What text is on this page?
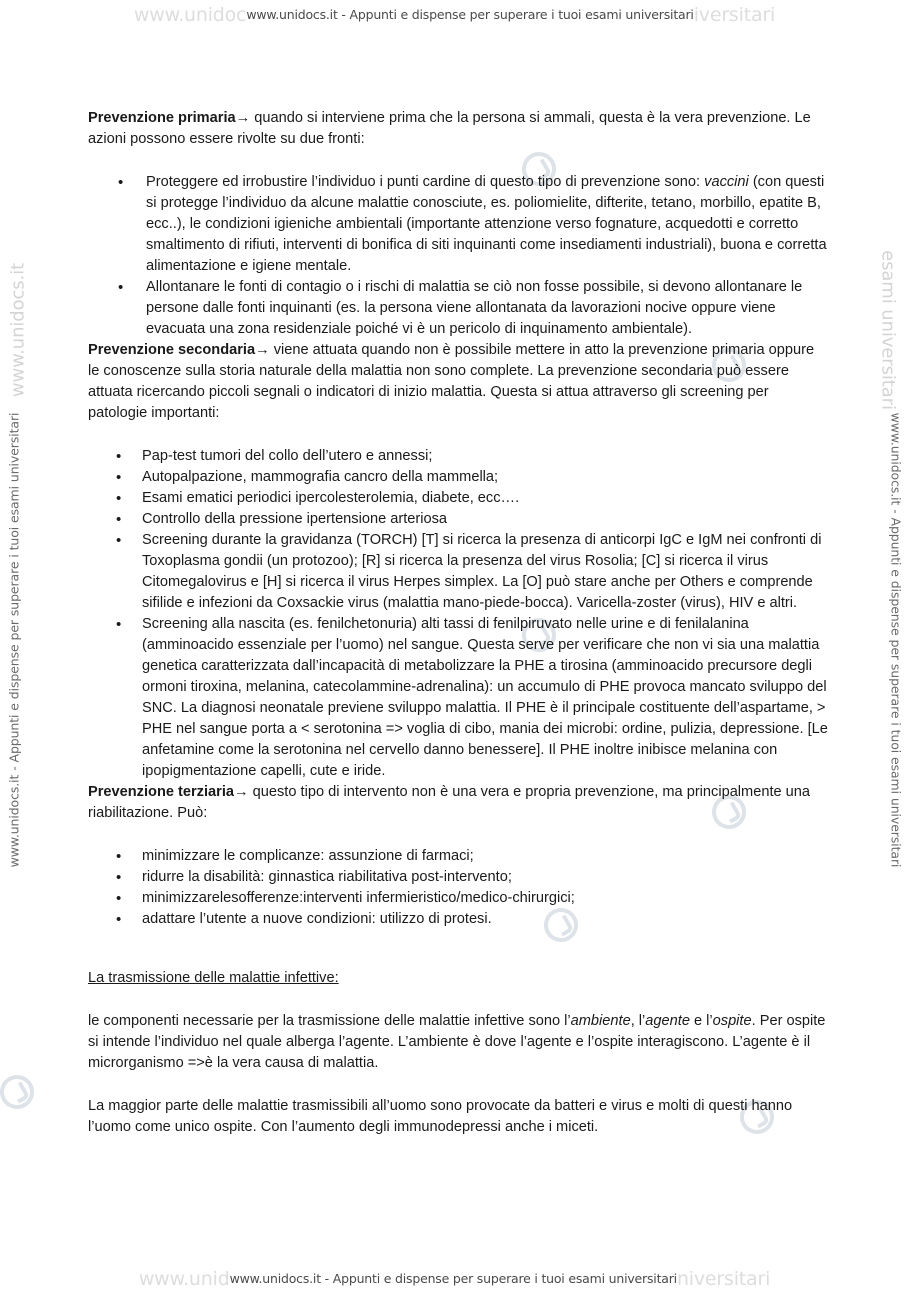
www.unidocwww.unidocs.it - Appunti e dispense per superare i tuoi esami universitariiversitari
www.unidocs.it - Appunti e dispense per superare i tuoi esami universitari	www.unidocs.it - Appunti e dispense per superare i tuoi esami universitari
www.unidocs.it	esami universitari

Prevenzione primaria→ quando si interviene prima che la persona si ammali, questa è la vera prevenzione. Le azioni possono essere rivolte su due fronti:

• Proteggere ed irrobustire l’individuo i punti cardine di questo tipo di prevenzione sono: vaccini (con questi si protegge l’individuo da alcune malattie conosciute, es. poliomielite, difterite, tetano, morbillo, epatite B, ecc..), le condizioni igieniche ambientali (importante attenzione verso fognature, acquedotti e corretto smaltimento di rifiuti, interventi di bonifica di siti inquinanti come insediamenti industriali), buona e corretta alimentazione e igiene mentale.
• Allontanare le fonti di contagio o i rischi di malattia se ciò non fosse possibile, si devono allontanare le persone dalle fonti inquinanti (es. la persona viene allontanata da lavorazioni nocive oppure viene evacuata una zona residenziale poiché vi è un pericolo di inquinamento ambientale).

Prevenzione secondaria→ viene attuata quando non è possibile mettere in atto la prevenzione primaria oppure le conoscenze sulla storia naturale della malattia non sono complete. La prevenzione secondaria può essere attuata ricercando piccoli segnali o indicatori di inizio malattia. Questa si attua attraverso gli screening per patologie importanti:

• Pap-test tumori del collo dell’utero e annessi;
• Autopalpazione, mammografia cancro della mammella;
• Esami ematici periodici ipercolesterolemia, diabete, ecc….
• Controllo della pressione ipertensione arteriosa
• Screening durante la gravidanza (TORCH) [T] si ricerca la presenza di anticorpi IgC e IgM nei confronti di Toxoplasma gondii (un protozoo); [R] si ricerca la presenza del virus Rosolia; [C] si ricerca il virus Citomegalovirus e [H] si ricerca il virus Herpes simplex. La [O] può stare anche per Others e comprende sifilide e infezioni da Coxsackie virus (malattia mano-piede-bocca). Varicella-zoster (virus), HIV e altri.
• Screening alla nascita (es. fenilchetonuria) alti tassi di fenilpiruvato nelle urine e di fenilalanina (amminoacido essenziale per l’uomo) nel sangue. Questa serve per verificare che non vi sia una malattia genetica caratterizzata dall’incapacità di metabolizzare la PHE a tirosina (amminoacido precursore degli ormoni tiroxina, melanina, catecolammine-adrenalina): un accumulo di PHE provoca mancato sviluppo del SNC. La diagnosi neonatale previene sviluppo malattia. Il PHE è il principale costituente dell’aspartame, > PHE nel sangue porta a < serotonina => voglia di cibo, mania dei microbi: ordine, pulizia, depressione. [Le anfetamine come la serotonina nel cervello danno benessere]. Il PHE inoltre inibisce melanina con ipopigmentazione capelli, cute e iride.

Prevenzione terziaria→ questo tipo di intervento non è una vera e propria prevenzione, ma principalmente una riabilitazione. Può:

• minimizzare le complicanze: assunzione di farmaci;
• ridurre la disabilità: ginnastica riabilitativa post-intervento;
• minimizzarelesofferenze:interventi infermieristico/medico-chirurgici;
• adattare l’utente a nuove condizioni: utilizzo di protesi.

La trasmissione delle malattie infettive:

le componenti necessarie per la trasmissione delle malattie infettive sono l’ambiente, l’agente e l’ospite. Per ospite si intende l’individuo nel quale alberga l’agente. L’ambiente è dove l’agente e l’ospite interagiscono. L’agente è il microrganismo =>è la vera causa di malattia.

La maggior parte delle malattie trasmissibili all’uomo sono provocate da batteri e virus e molti di questi hanno l’uomo come unico ospite. Con l’aumento degli immunodepressi anche i miceti.

www.unidwww.unidocs.it - Appunti e dispense per superare i tuoi esami universitariniversitari
